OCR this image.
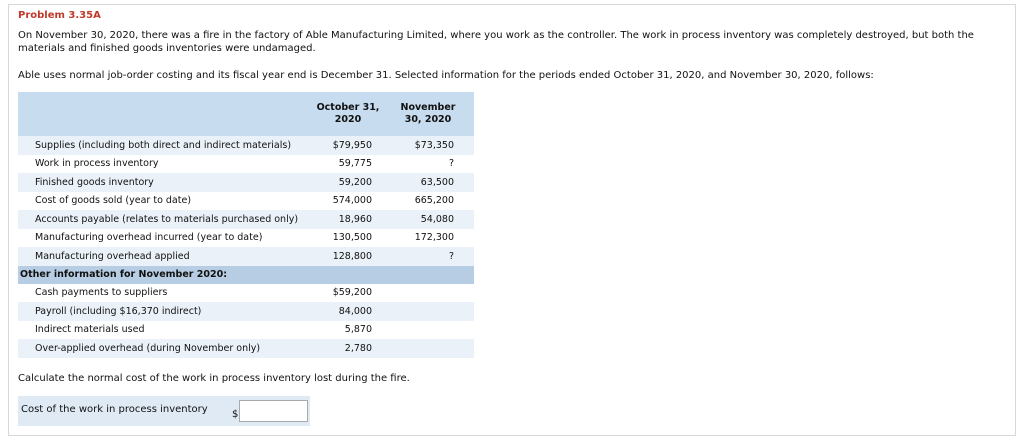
Problem 3.35A
On November 30, 2020, there was a fire in the factory of Able Manufacturing Limited, where you work as the controller. The work in process inventory was completely destroyed, but both the materials and finished goods inventories were undamaged.
Able uses normal job-order costing and its fiscal year end is December 31. Selected information for the periods ended October 31, 2020, and November 30, 2020, follows:
	October 31, 2020	November 30, 2020
Supplies (including both direct and indirect materials)	$79,950	$73,350
Work in process inventory	59,775	?
Finished goods inventory	59,200	63,500
Cost of goods sold (year to date)	574,000	665,200
Accounts payable (relates to materials purchased only)	18,960	54,080
Manufacturing overhead incurred (year to date)	130,500	172,300
Manufacturing overhead applied	128,800	?
Other information for November 2020:		
Cash payments to suppliers	$59,200	
Payroll (including $16,370 indirect)	84,000	
Indirect materials used	5,870	
Over-applied overhead (during November only)	2,780	
Calculate the normal cost of the work in process inventory lost during the fire.
Cost of the work in process inventory $
